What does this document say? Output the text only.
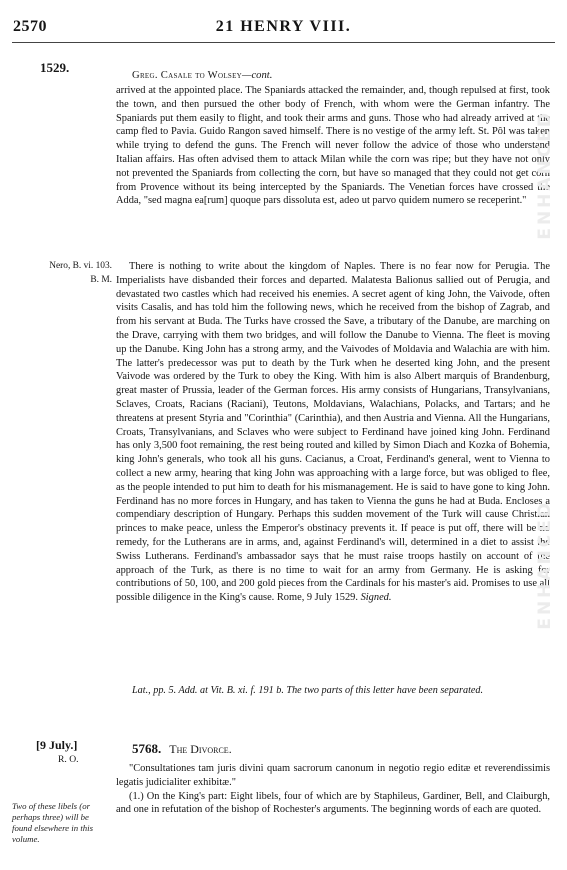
2570	21 HENRY VIII.
1529.
Greg. Casale to Wolsey—cont.

arrived at the appointed place. The Spaniards attacked the remainder, and, though repulsed at first, took the town, and then pursued the other body of French, with whom were the German infantry. The Spaniards put them easily to flight, and took their arms and guns. Those who had already arrived at the camp fled to Pavia. Guido Rangon saved himself. There is no vestige of the army left. St. Pôl was taken while trying to defend the guns. The French will never follow the advice of those who understand Italian affairs. Has often advised them to attack Milan while the corn was ripe; but they have not only not prevented the Spaniards from collecting the corn, but have so managed that they could not get corn from Provence without its being intercepted by the Spaniards. The Venetian forces have crossed the Adda, "sed magna ea[rum] quoque pars dissoluta est, adeo ut parvo quidem numero se receperint."

Nero, B. vi. 103.
B. M.

There is nothing to write about the kingdom of Naples. There is no fear now for Perugia. The Imperialists have disbanded their forces and departed. Malatesta Balionus sallied out of Perugia, and devastated two castles which had received his enemies. A secret agent of king John, the Vaivode, often visits Casalis, and has told him the following news, which he received from the bishop of Zagrab, and from his servant at Buda. The Turks have crossed the Save, a tributary of the Danube, are marching on the Drave, carrying with them two bridges, and will follow the Danube to Vienna. The fleet is moving up the Danube. King John has a strong army, and the Vaivodes of Moldavia and Walachia are with him. The latter's predecessor was put to death by the Turk when he deserted king John, and the present Vaivode was ordered by the Turk to obey the King. With him is also Albert marquis of Brandenburg, great master of Prussia, leader of the German forces. His army consists of Hungarians, Transylvanians, Sclaves, Croats, Racians (Raciani), Teutons, Moldavians, Walachians, Polacks, and Tartars; and he threatens at present Styria and "Corinthia" (Carinthia), and then Austria and Vienna. All the Hungarians, Croats, Transylvanians, and Sclaves who were subject to Ferdinand have joined king John. Ferdinand has only 3,500 foot remaining, the rest being routed and killed by Simon Diach and Kozka of Bohemia, king John's generals, who took all his guns. Cacianus, a Croat, Ferdinand's general, went to Vienna to collect a new army, hearing that king John was approaching with a large force, but was obliged to flee, as the people intended to put him to death for his mismanagement. He is said to have gone to king John. Ferdinand has no more forces in Hungary, and has taken to Vienna the guns he had at Buda. Encloses a compendiary description of Hungary. Perhaps this sudden movement of the Turk will cause Christian princes to make peace, unless the Emperor's obstinacy prevents it. If peace is put off, there will be no remedy, for the Lutherans are in arms, and, against Ferdinand's will, determined in a diet to assist the Swiss Lutherans. Ferdinand's ambassador says that he must raise troops hastily on account of the approach of the Turk, as there is no time to wait for an army from Germany. He is asking for contributions of 50, 100, and 200 gold pieces from the Cardinals for his master's aid. Promises to use all possible diligence in the King's cause. Rome, 9 July 1529. Signed.

Lat., pp. 5. Add. at Vit. B. xi. f. 191 b. The two parts of this letter have been separated.
[9 July.]
R. O.
5768. The Divorce.

"Consultationes tam juris divini quam sacrorum canonum in negotio regio editæ et reverendissimis legatis judicialiter exhibitæ."

(1.) On the King's part: Eight libels, four of which are by Staphileus, Gardiner, Bell, and Claiburgh, and one in refutation of the bishop of Rochester's arguments. The beginning words of each are quoted.

Two of these libels (or perhaps three) will be found elsewhere in this volume.
ENHANCED
ENHANCED
